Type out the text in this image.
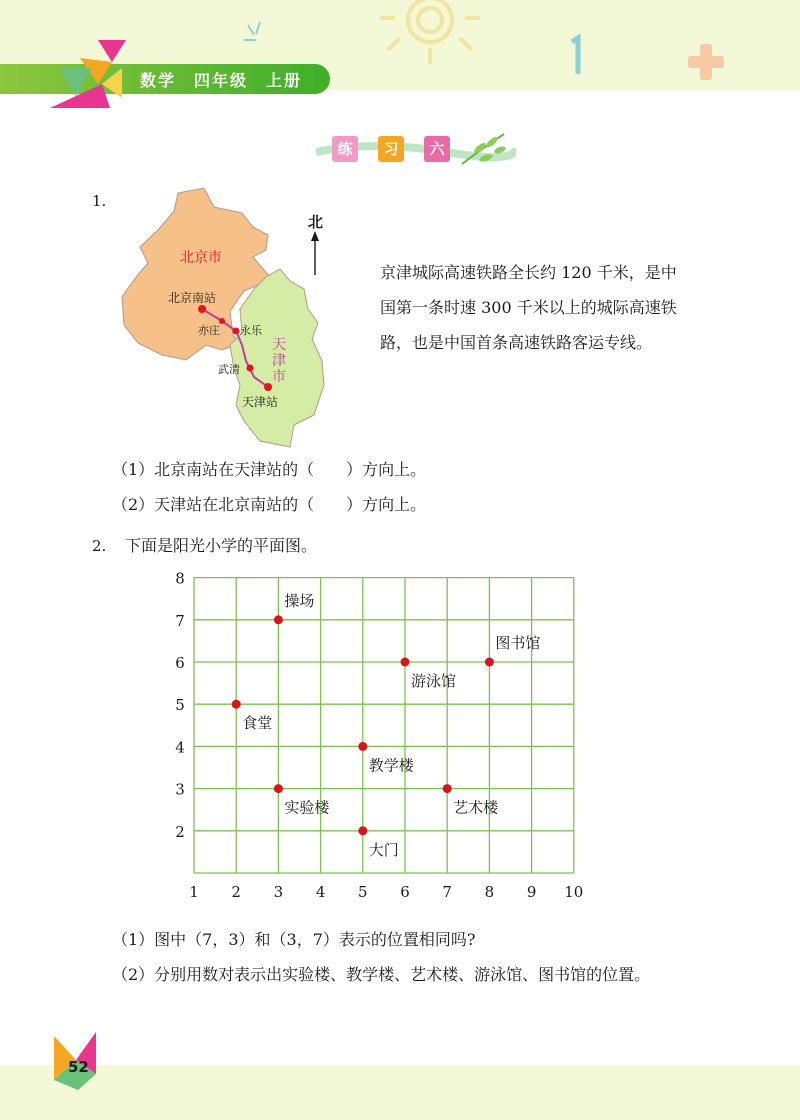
数学　四年级　上册
练	习	六
1.
北
北京市
天
津
市
北京南站
亦庄 永乐
武清
天津站
京津城际高速铁路全长约 120 千米，是中
国第一条时速 300 千米以上的城际高速铁
路，也是中国首条高速铁路客运专线。
（1）北京南站在天津站的（　　）方向上。
（2）天津站在北京南站的（　　）方向上。
2. 下面是阳光小学的平面图。
1 2 3 4 5 6 7 8 9 10
2
3
4
5
6
7
8
操场
图书馆
游泳馆
食堂
教学楼
实验楼	艺术楼
大门
（1）图中（7，3）和（3，7）表示的位置相同吗?
（2）分别用数对表示出实验楼、教学楼、艺术楼、游泳馆、图书馆的位置。
52
